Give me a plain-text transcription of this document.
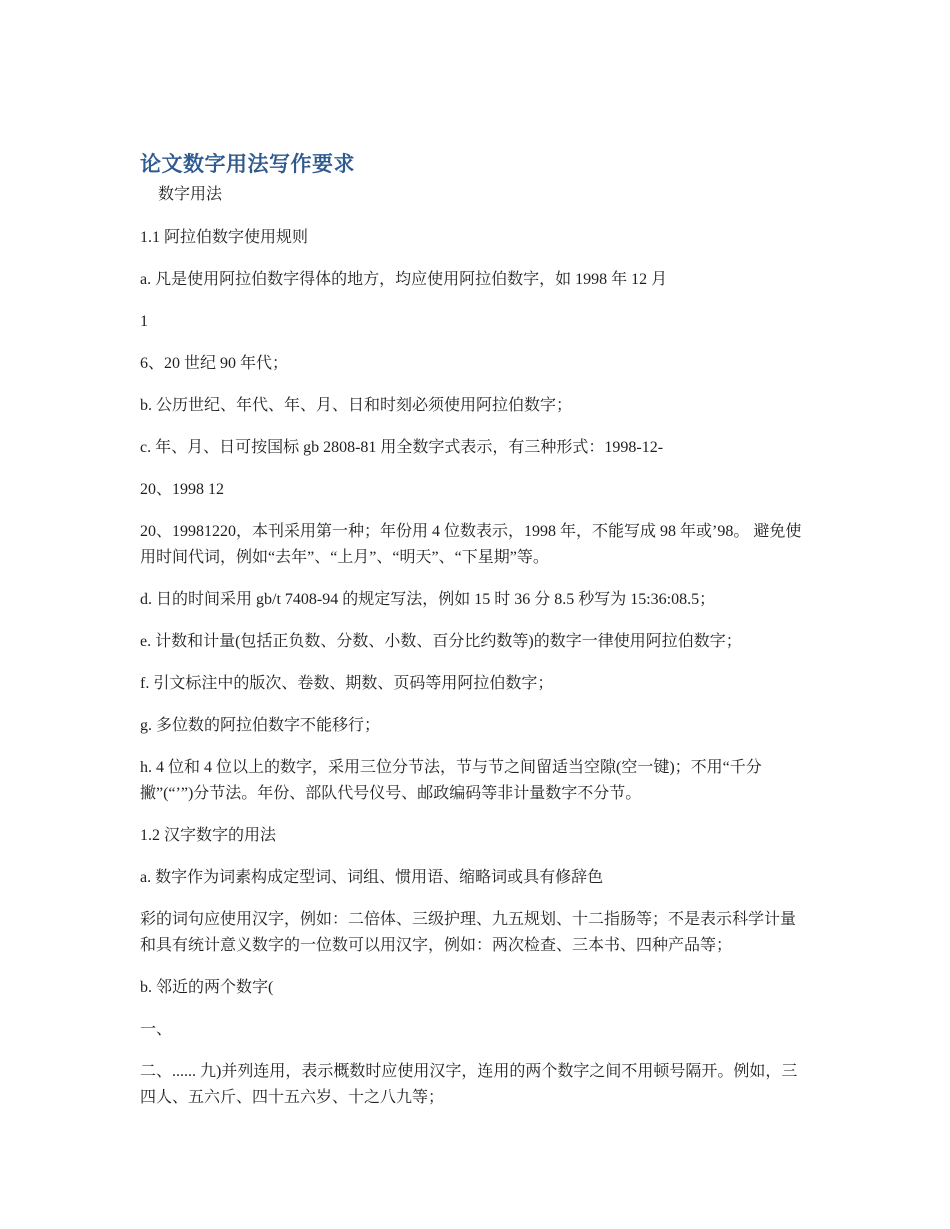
论文数字用法写作要求
数字用法

1.1 阿拉伯数字使用规则

a. 凡是使用阿拉伯数字得体的地方，均应使用阿拉伯数字，如 1998 年 12 月

1

6、20 世纪 90 年代；

b. 公历世纪、年代、年、月、日和时刻必须使用阿拉伯数字；

c. 年、月、日可按国标 gb 2808-81 用全数字式表示，有三种形式：1998-12-

20、1998 12

20、19981220，本刊采用第一种；年份用 4 位数表示，1998 年，不能写成 98 年或’98。 避免使用时间代词，例如“去年”、“上月”、“明天”、“下星期”等。

d. 日的时间采用 gb/t 7408-94 的规定写法，例如 15 时 36 分 8.5 秒写为 15:36:08.5；

e. 计数和计量(包括正负数、分数、小数、百分比约数等)的数字一律使用阿拉伯数字；

f. 引文标注中的版次、卷数、期数、页码等用阿拉伯数字；

g. 多位数的阿拉伯数字不能移行；

h. 4 位和 4 位以上的数字，采用三位分节法，节与节之间留适当空隙(空一键)；不用“千分撇”(“’”)分节法。年份、部队代号仪号、邮政编码等非计量数字不分节。

1.2 汉字数字的用法

a. 数字作为词素构成定型词、词组、惯用语、缩略词或具有修辞色

彩的词句应使用汉字，例如：二倍体、三级护理、九五规划、十二指肠等；不是表示科学计量和具有统计意义数字的一位数可以用汉字，例如：两次检查、三本书、四种产品等；

b. 邻近的两个数字(

一、

二、...... 九)并列连用，表示概数时应使用汉字，连用的两个数字之间不用顿号隔开。例如，三四人、五六斤、四十五六岁、十之八九等；
